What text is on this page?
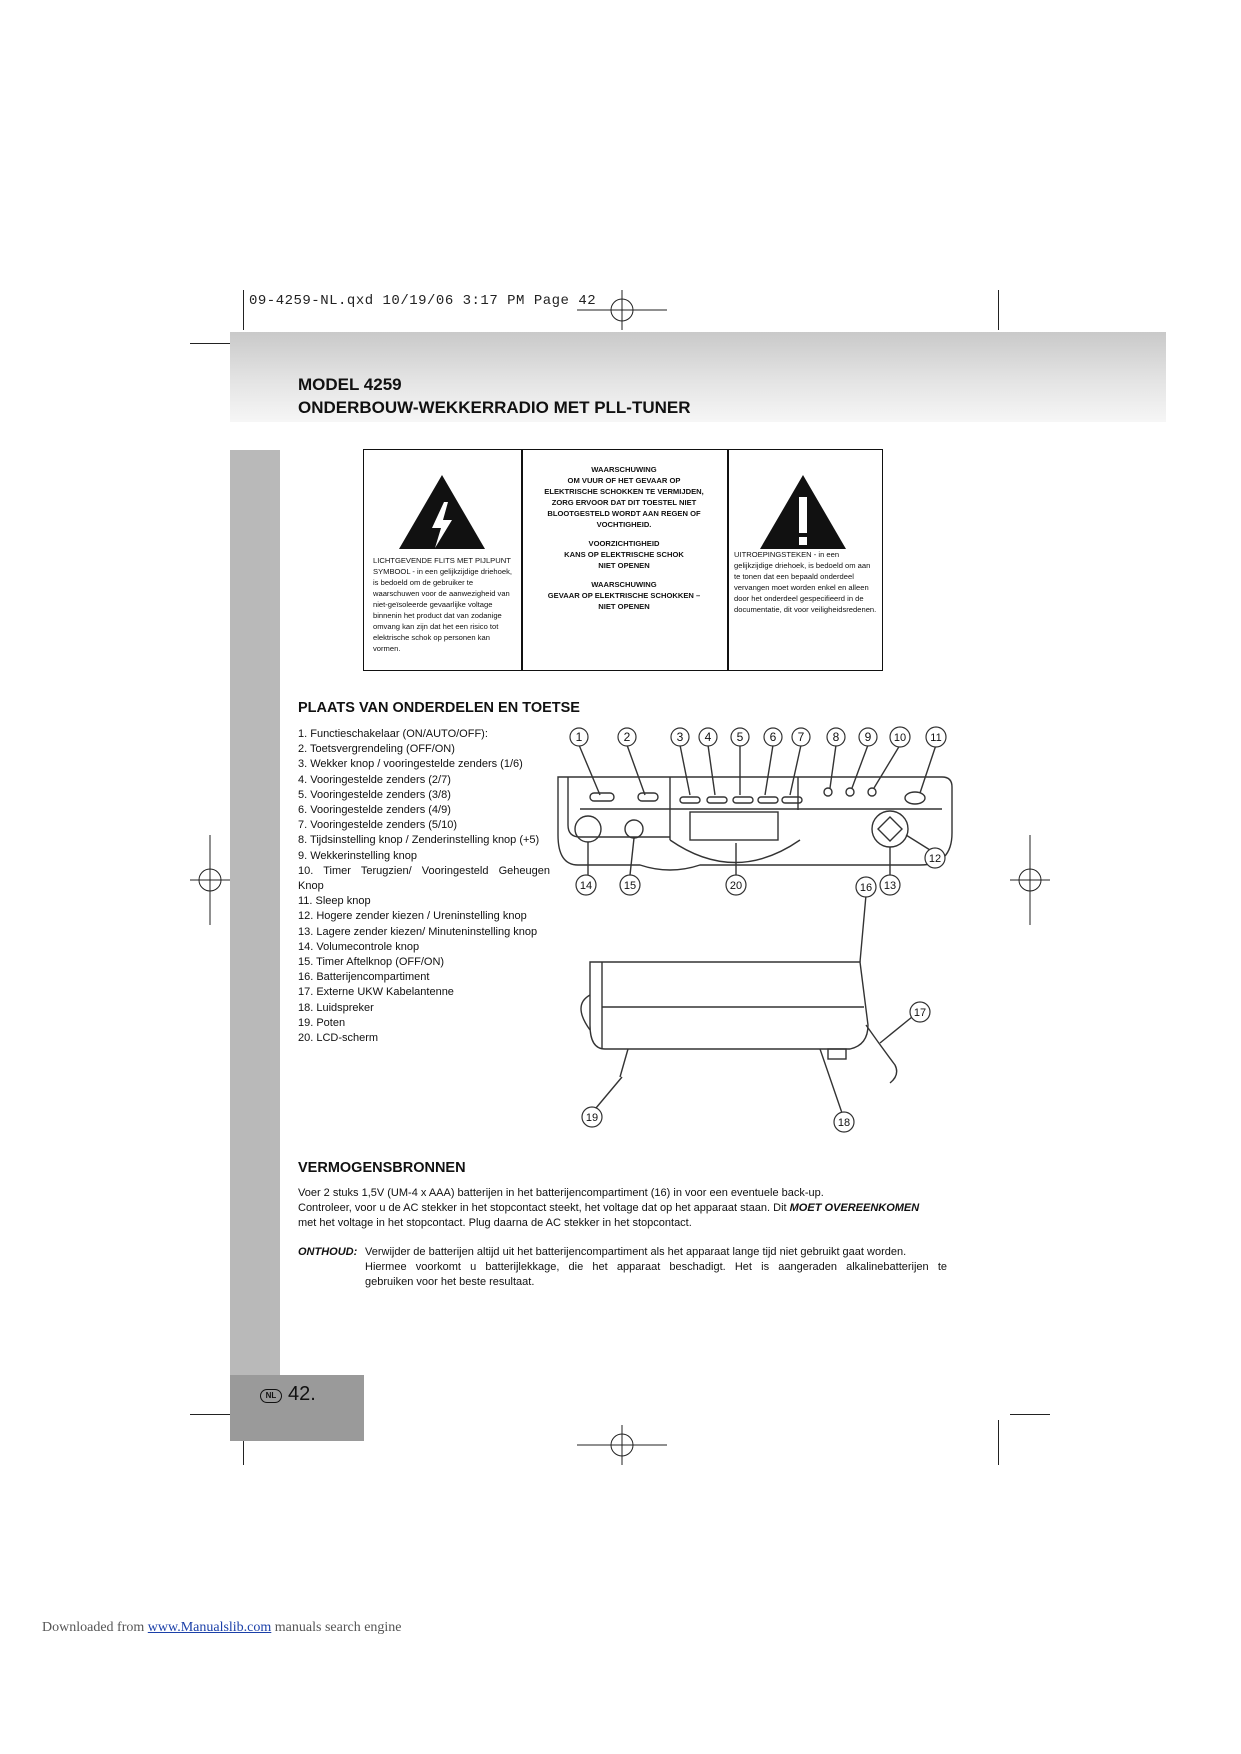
09-4259-NL.qxd 10/19/06 3:17 PM Page 42
MODEL 4259
ONDERBOUW-WEKKERRADIO MET PLL-TUNER
NL 42.
LICHTGEVENDE FLITS MET PIJLPUNT SYMBOOL - in een gelijkzijdige driehoek, is bedoeld om de gebruiker te waarschuwen voor de aanwezigheid van niet-geïsoleerde gevaarlijke voltage binnenin het product dat van zodanige omvang kan zijn dat het een risico tot elektrische schok op personen kan vormen.
WAARSCHUWING
OM VUUR OF HET GEVAAR OP
ELEKTRISCHE SCHOKKEN TE VERMIJDEN,
ZORG ERVOOR DAT DIT TOESTEL NIET
BLOOTGESTELD WORDT AAN REGEN OF
VOCHTIGHEID.
VOORZICHTIGHEID
KANS OP ELEKTRISCHE SCHOK
NIET OPENEN
WAARSCHUWING
GEVAAR OP ELEKTRISCHE SCHOKKEN –
NIET OPENEN
UITROEPINGSTEKEN - in een gelijkzijdige driehoek, is bedoeld om aan te tonen dat een bepaald onderdeel vervangen moet worden enkel en alleen door het onderdeel gespecifieerd in de documentatie, dit voor veiligheidsredenen.
PLAATS VAN ONDERDELEN EN TOETSE
1. Functieschakelaar (ON/AUTO/OFF):
2. Toetsvergrendeling (OFF/ON)
3. Wekker knop / vooringestelde zenders (1/6)
4. Vooringestelde zenders (2/7)
5. Vooringestelde zenders (3/8)
6. Vooringestelde zenders (4/9)
7. Vooringestelde zenders (5/10)
8. Tijdsinstelling knop / Zenderinstelling knop (+5)
9. Wekkerinstelling knop
10. Timer Terugzien/ Vooringesteld Geheugen Knop
11. Sleep knop
12. Hogere zender kiezen / Ureninstelling knop
13. Lagere zender kiezen/ Minuteninstelling knop
14. Volumecontrole knop
15. Timer Aftelknop (OFF/ON)
16. Batterijencompartiment
17. Externe UKW Kabelantenne
18. Luidspreker
19. Poten
20. LCD-scherm
1	2	3 4 5 6 7 8 9 10 11
12
13
14	15	16
17
18
19
20
VERMOGENSBRONNEN
Voer 2 stuks 1,5V (UM-4 x AAA) batterijen in het batterijencompartiment (16) in voor een eventuele back-up.
Controleer, voor u de AC stekker in het stopcontact steekt, het voltage dat op het apparaat staan. Dit MOET OVEREENKOMEN
met het voltage in het stopcontact. Plug daarna de AC stekker in het stopcontact.
ONTHOUD: Verwijder de batterijen altijd uit het batterijencompartiment als het apparaat lange tijd niet gebruikt gaat worden.
Hiermee voorkomt u batterijlekkage, die het apparaat beschadigt. Het is aangeraden alkalinebatterijen te
gebruiken voor het beste resultaat.
Downloaded from www.Manualslib.com manuals search engine
